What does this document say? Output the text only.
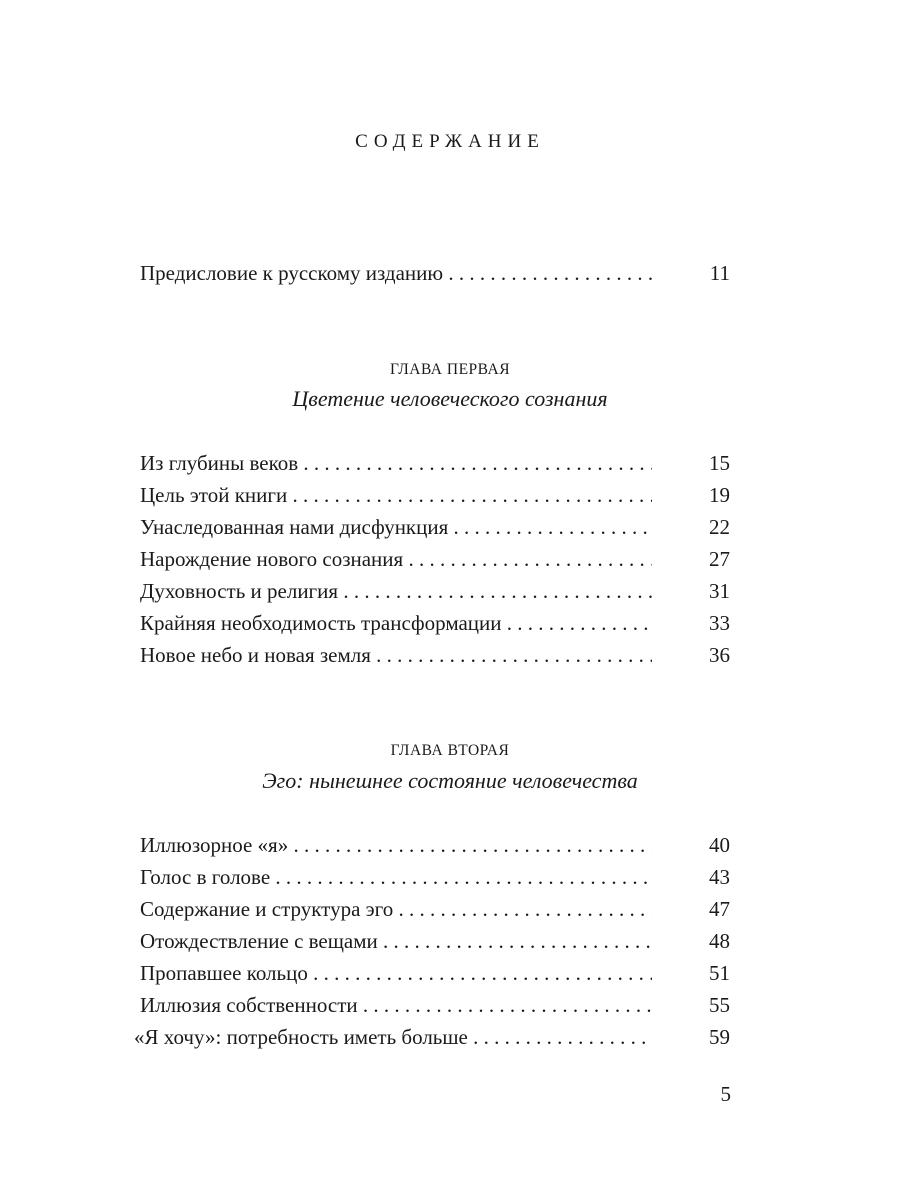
СОДЕРЖАНИЕ
Предисловие к русскому изданию . . .	11
ГЛАВА ПЕРВАЯ
Цветение человеческого сознания
Из глубины веков . . .	15
Цель этой книги . . .	19
Унаследованная нами дисфункция . . .	22
Нарождение нового сознания . . .	27
Духовность и религия . . .	31
Крайняя необходимость трансформации . . .	33
Новое небо и новая земля . . .	36
ГЛАВА ВТОРАЯ
Эго: нынешнее состояние человечества
Иллюзорное «я» . . .	40
Голос в голове . . .	43
Содержание и структура эго . . .	47
Отождествление с вещами . . .	48
Пропавшее кольцо . . .	51
Иллюзия собственности . . .	55
«Я хочу»: потребность иметь больше . . .	59
5
